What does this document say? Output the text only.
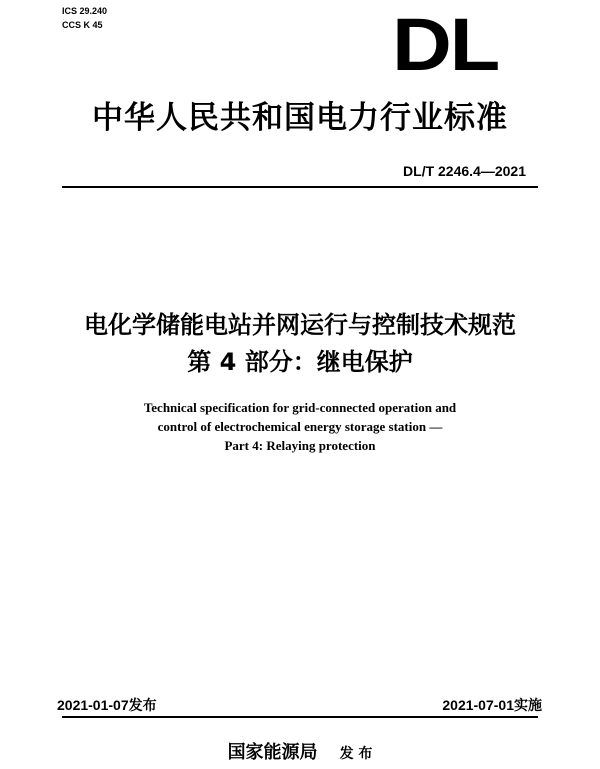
ICS 29.240
CCS K 45	DL
中华人民共和国电力行业标准
DL/T 2246.4—2021
电化学储能电站并网运行与控制技术规范
第 4 部分：继电保护
Technical specification for grid-connected operation and
control of electrochemical energy storage station —
Part 4: Relaying protection
2021-01-07发布	2021-07-01实施
国家能源局 发 布
